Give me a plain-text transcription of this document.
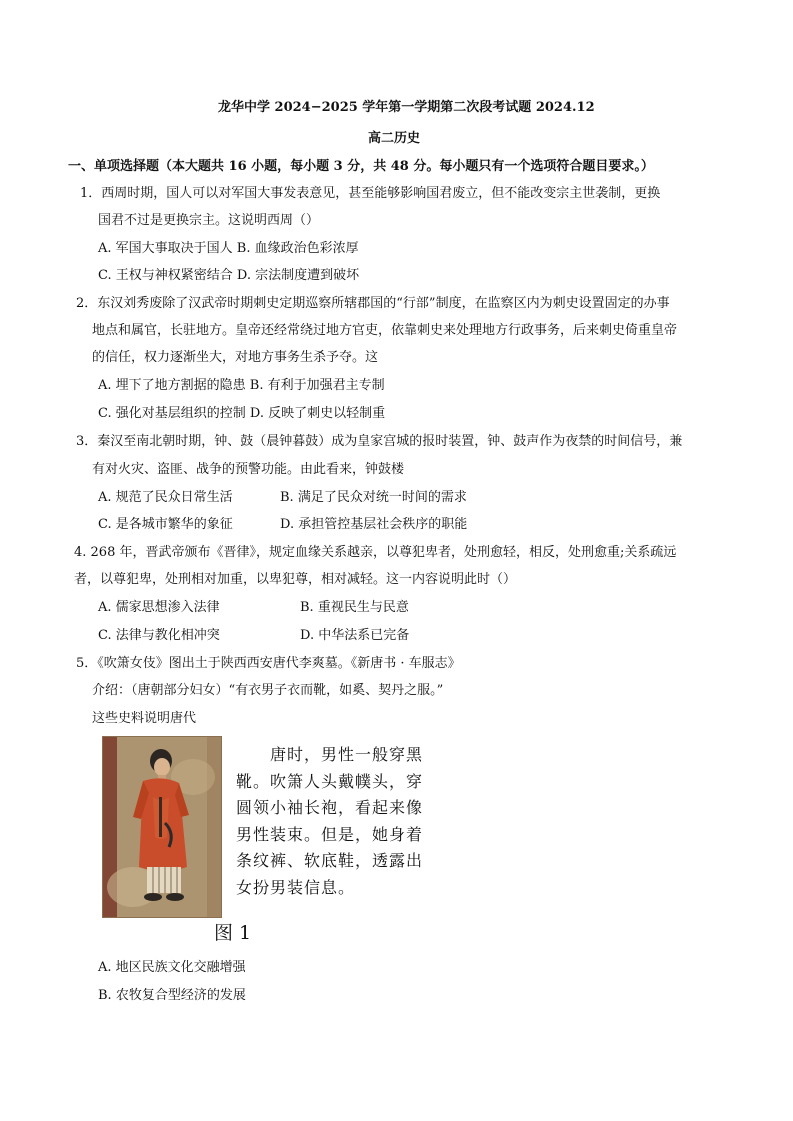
龙华中学 2024−2025 学年第一学期第二次段考试题 2024.12
高二历史
一、单项选择题（本大题共 16 小题，每小题 3 分，共 48 分。每小题只有一个选项符合题目要求。）
1．西周时期，国人可以对军国大事发表意见，甚至能够影响国君废立，但不能改变宗主世袭制，更换
国君不过是更换宗主。这说明西周（）
A. 军国大事取决于国人 B. 血缘政治色彩浓厚
C. 王权与神权紧密结合 D. 宗法制度遭到破坏
2．东汉刘秀废除了汉武帝时期刺史定期巡察所辖郡国的“行部”制度，在监察区内为刺史设置固定的办事
地点和属官，长驻地方。皇帝还经常绕过地方官吏，依靠刺史来处理地方行政事务，后来刺史倚重皇帝
的信任，权力逐渐坐大，对地方事务生杀予夺。这
A. 埋下了地方割据的隐患 B. 有利于加强君主专制
C. 强化对基层组织的控制 D. 反映了刺史以轻制重
3．秦汉至南北朝时期，钟、鼓（晨钟暮鼓）成为皇家宫城的报时装置，钟、鼓声作为夜禁的时间信号，兼
有对火灾、盗匪、战争的预警功能。由此看来，钟鼓楼
A. 规范了民众日常生活	B. 满足了民众对统一时间的需求
C. 是各城市繁华的象征	D. 承担管控基层社会秩序的职能
4. 268 年，晋武帝颁布《晋律》，规定血缘关系越亲，以尊犯卑者，处刑愈轻，相反，处刑愈重;关系疏远
者，以尊犯卑，处刑相对加重，以卑犯尊，相对减轻。这一内容说明此时（）
A. 儒家思想渗入法律	B. 重视民生与民意
C. 法律与教化相冲突	D. 中华法系已完备
5．《吹箫女伎》图出土于陕西西安唐代李爽墓。《新唐书 · 车服志》
介绍：（唐朝部分妇女）“有衣男子衣而靴，如奚、契丹之服。”
这些史料说明唐代

唐时，男性一般穿黑

靴。吹箫人头戴幞头，穿

圆领小袖长袍，看起来像

男性装束。但是，她身着

条纹裤、软底鞋，透露出

女扮男装信息。

图 1
A. 地区民族文化交融增强
B. 农牧复合型经济的发展
